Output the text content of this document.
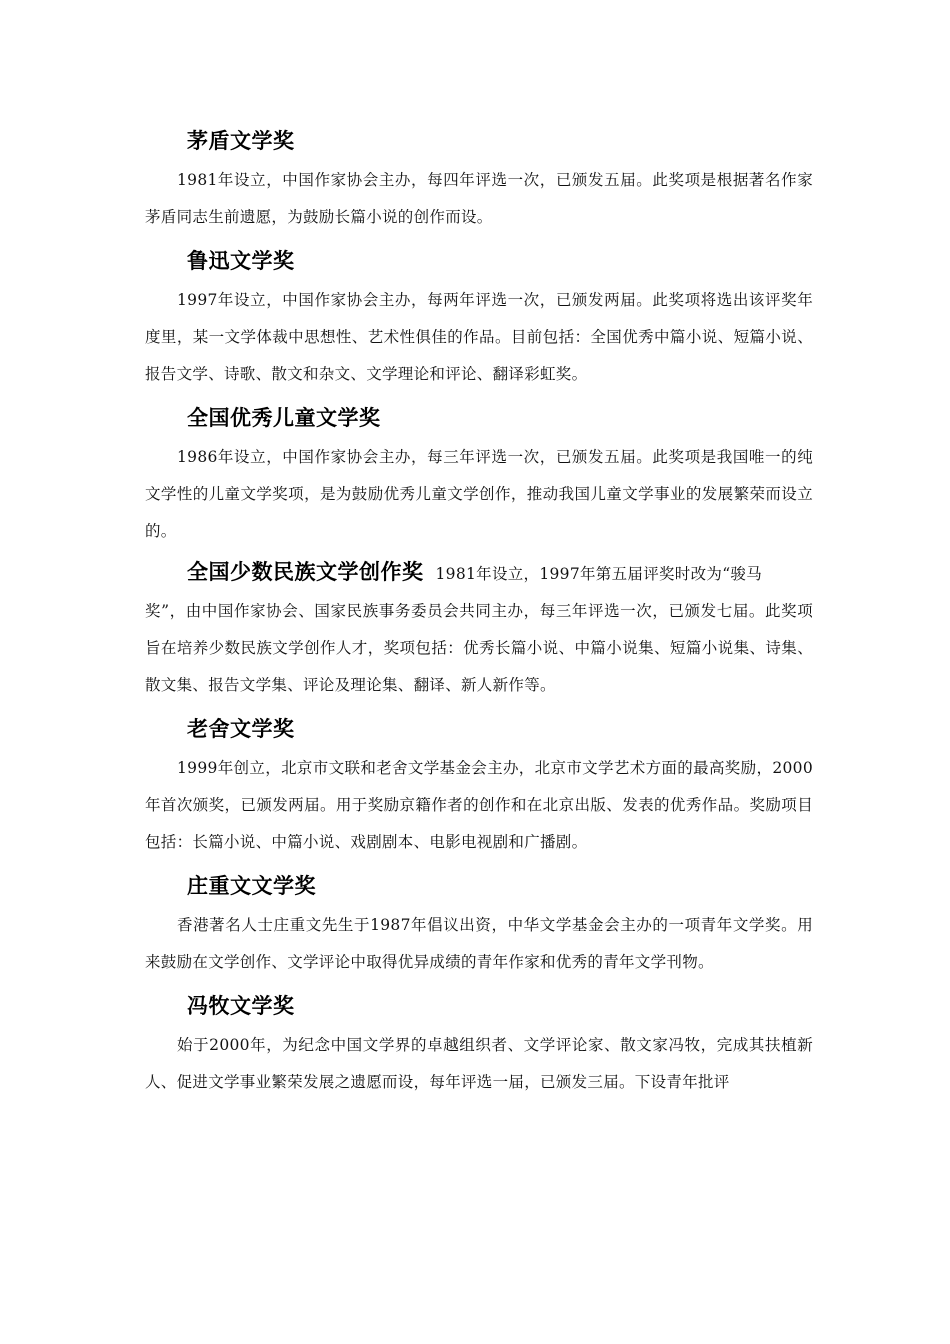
茅盾文学奖

1981年设立，中国作家协会主办，每四年评选一次，已颁发五届。此奖项是根据著名作家茅盾同志生前遗愿，为鼓励长篇小说的创作而设。

鲁迅文学奖

1997年设立，中国作家协会主办，每两年评选一次，已颁发两届。此奖项将选出该评奖年度里，某一文学体裁中思想性、艺术性俱佳的作品。目前包括：全国优秀中篇小说、短篇小说、报告文学、诗歌、散文和杂文、文学理论和评论、翻译彩虹奖。

全国优秀儿童文学奖

1986年设立，中国作家协会主办，每三年评选一次，已颁发五届。此奖项是我国唯一的纯文学性的儿童文学奖项，是为鼓励优秀儿童文学创作，推动我国儿童文学事业的发展繁荣而设立的。

全国少数民族文学创作奖 1981年设立，1997年第五届评奖时改为“骏马

奖”，由中国作家协会、国家民族事务委员会共同主办，每三年评选一次，已颁发七届。此奖项旨在培养少数民族文学创作人才，奖项包括：优秀长篇小说、中篇小说集、短篇小说集、诗集、散文集、报告文学集、评论及理论集、翻译、新人新作等。

老舍文学奖

1999年创立，北京市文联和老舍文学基金会主办，北京市文学艺术方面的最高奖励，2000年首次颁奖，已颁发两届。用于奖励京籍作者的创作和在北京出版、发表的优秀作品。奖励项目包括：长篇小说、中篇小说、戏剧剧本、电影电视剧和广播剧。

庄重文文学奖

香港著名人士庄重文先生于1987年倡议出资，中华文学基金会主办的一项青年文学奖。用来鼓励在文学创作、文学评论中取得优异成绩的青年作家和优秀的青年文学刊物。

冯牧文学奖

始于2000年，为纪念中国文学界的卓越组织者、文学评论家、散文家冯牧，完成其扶植新人、促进文学事业繁荣发展之遗愿而设，每年评选一届，已颁发三届。下设青年批评
